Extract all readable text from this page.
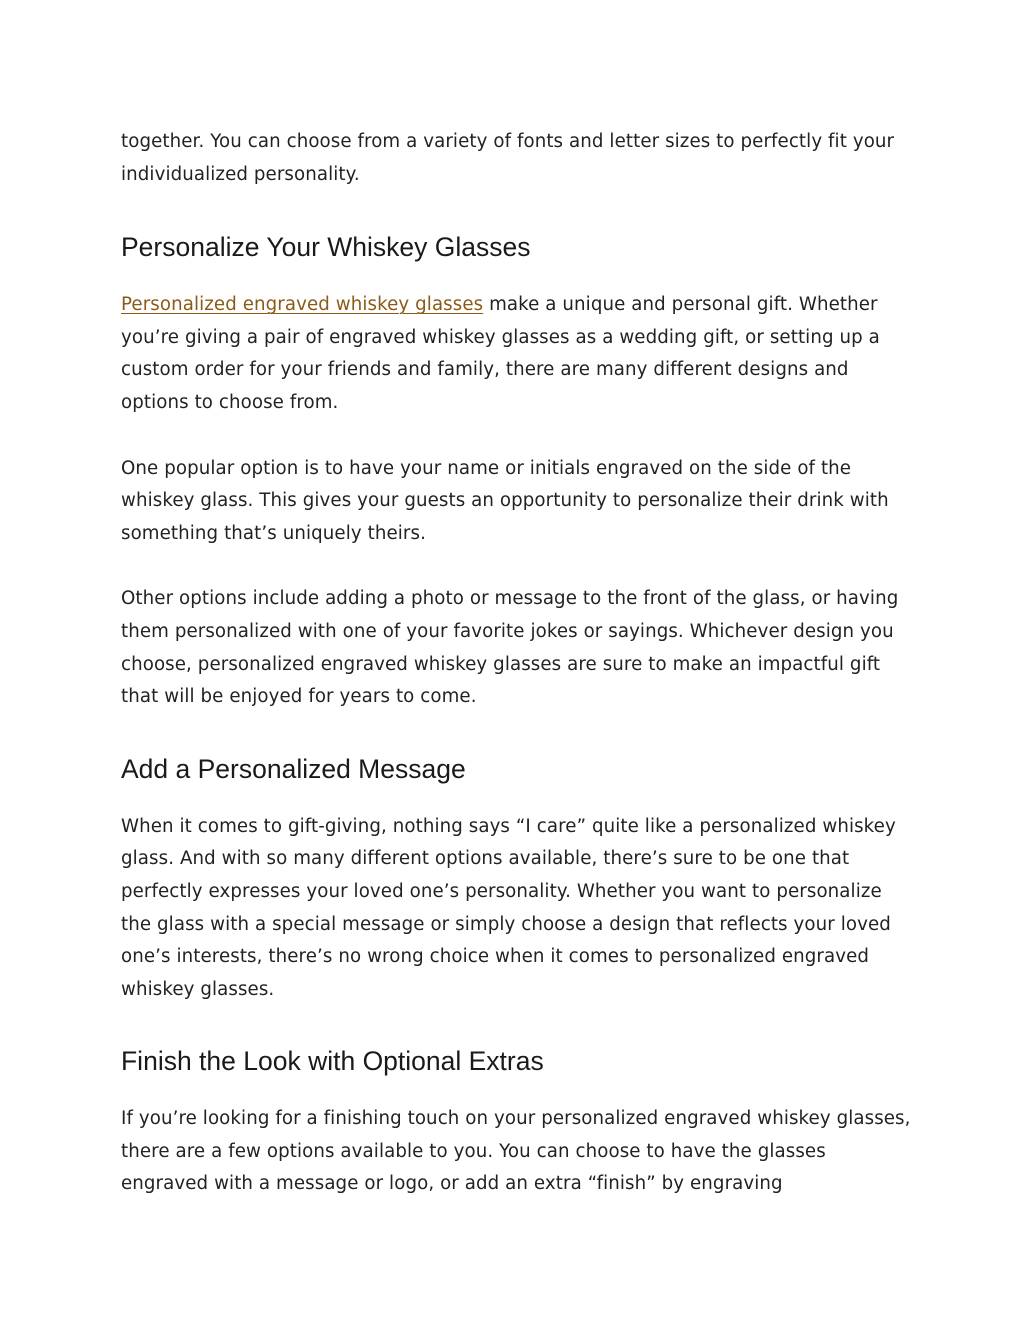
together. You can choose from a variety of fonts and letter sizes to perfectly fit your individualized personality.

Personalize Your Whiskey Glasses

Personalized engraved whiskey glasses make a unique and personal gift. Whether you’re giving a pair of engraved whiskey glasses as a wedding gift, or setting up a custom order for your friends and family, there are many different designs and options to choose from.

One popular option is to have your name or initials engraved on the side of the whiskey glass. This gives your guests an opportunity to personalize their drink with something that’s uniquely theirs.

Other options include adding a photo or message to the front of the glass, or having them personalized with one of your favorite jokes or sayings. Whichever design you choose, personalized engraved whiskey glasses are sure to make an impactful gift that will be enjoyed for years to come.

Add a Personalized Message

When it comes to gift-giving, nothing says “I care” quite like a personalized whiskey glass. And with so many different options available, there’s sure to be one that perfectly expresses your loved one’s personality. Whether you want to personalize the glass with a special message or simply choose a design that reflects your loved one’s interests, there’s no wrong choice when it comes to personalized engraved whiskey glasses.

Finish the Look with Optional Extras

If you’re looking for a finishing touch on your personalized engraved whiskey glasses, there are a few options available to you. You can choose to have the glasses engraved with a message or logo, or add an extra “finish” by engraving
